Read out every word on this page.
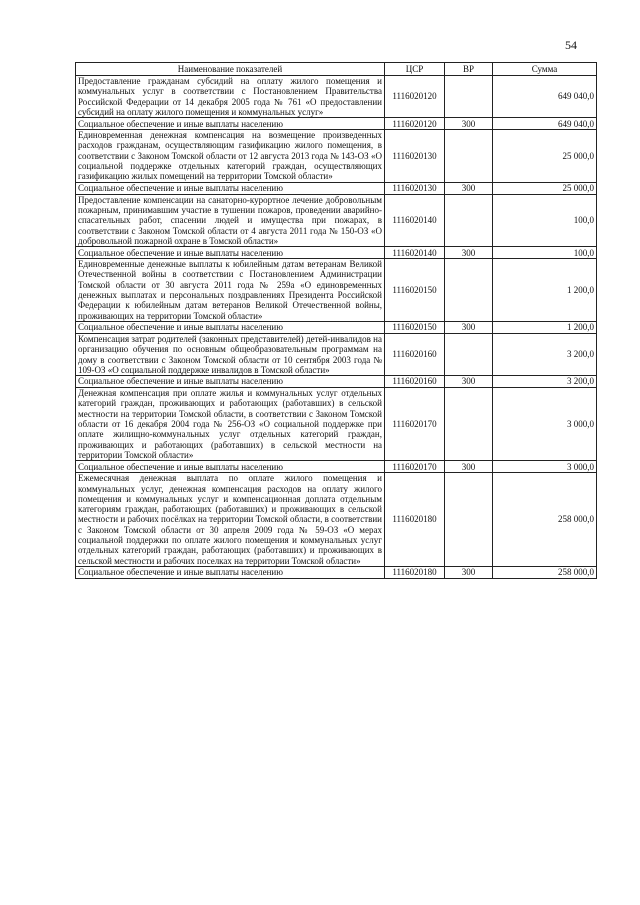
54
Наименование показателей	ЦСР	ВР	Сумма
Предоставление гражданам субсидий на оплату жилого помещения и коммунальных услуг в соответствии с Постановлением Правительства Российской Федерации от 14 декабря 2005 года № 761 «О предоставлении субсидий на оплату жилого помещения и коммунальных услуг»	1116020120		649 040,0
Социальное обеспечение и иные выплаты населению	1116020120	300	649 040,0
Единовременная денежная компенсация на возмещение произведенных расходов гражданам, осуществляющим газификацию жилого помещения, в соответствии с Законом Томской области от 12 августа 2013 года № 143-ОЗ «О социальной поддержке отдельных категорий граждан, осуществляющих газификацию жилых помещений на территории Томской области»	1116020130		25 000,0
Социальное обеспечение и иные выплаты населению	1116020130	300	25 000,0
Предоставление компенсации на санаторно-курортное лечение добровольным пожарным, принимавшим участие в тушении пожаров, проведении аварийно-спасательных работ, спасении людей и имущества при пожарах, в соответствии с Законом Томской области от 4 августа 2011 года № 150-ОЗ «О добровольной пожарной охране в Томской области»	1116020140		100,0
Социальное обеспечение и иные выплаты населению	1116020140	300	100,0
Единовременные денежные выплаты к юбилейным датам ветеранам Великой Отечественной войны в соответствии с Постановлением Администрации Томской области от 30 августа 2011 года № 259а «О единовременных денежных выплатах и персональных поздравлениях Президента Российской Федерации к юбилейным датам ветеранов Великой Отечественной войны, проживающих на территории Томской области»	1116020150		1 200,0
Социальное обеспечение и иные выплаты населению	1116020150	300	1 200,0
Компенсация затрат родителей (законных представителей) детей-инвалидов на организацию обучения по основным общеобразовательным программам на дому в соответствии с Законом Томской области от 10 сентября 2003 года № 109-ОЗ «О социальной поддержке инвалидов в Томской области»	1116020160		3 200,0
Социальное обеспечение и иные выплаты населению	1116020160	300	3 200,0
Денежная компенсация при оплате жилья и коммунальных услуг отдельных категорий граждан, проживающих и работающих (работавших) в сельской местности на территории Томской области, в соответствии с Законом Томской области от 16 декабря 2004 года № 256-ОЗ «О социальной поддержке при оплате жилищно-коммунальных услуг отдельных категорий граждан, проживающих и работающих (работавших) в сельской местности на территории Томской области»	1116020170		3 000,0
Социальное обеспечение и иные выплаты населению	1116020170	300	3 000,0
Ежемесячная денежная выплата по оплате жилого помещения и коммунальных услуг, денежная компенсация расходов на оплату жилого помещения и коммунальных услуг и компенсационная доплата отдельным категориям граждан, работающих (работавших) и проживающих в сельской местности и рабочих посёлках на территории Томской области, в соответствии с Законом Томской области от 30 апреля 2009 года № 59-ОЗ «О мерах социальной поддержки по оплате жилого помещения и коммунальных услуг отдельных категорий граждан, работающих (работавших) и проживающих в сельской местности и рабочих поселках на территории Томской области»	1116020180		258 000,0
Социальное обеспечение и иные выплаты населению	1116020180	300	258 000,0
